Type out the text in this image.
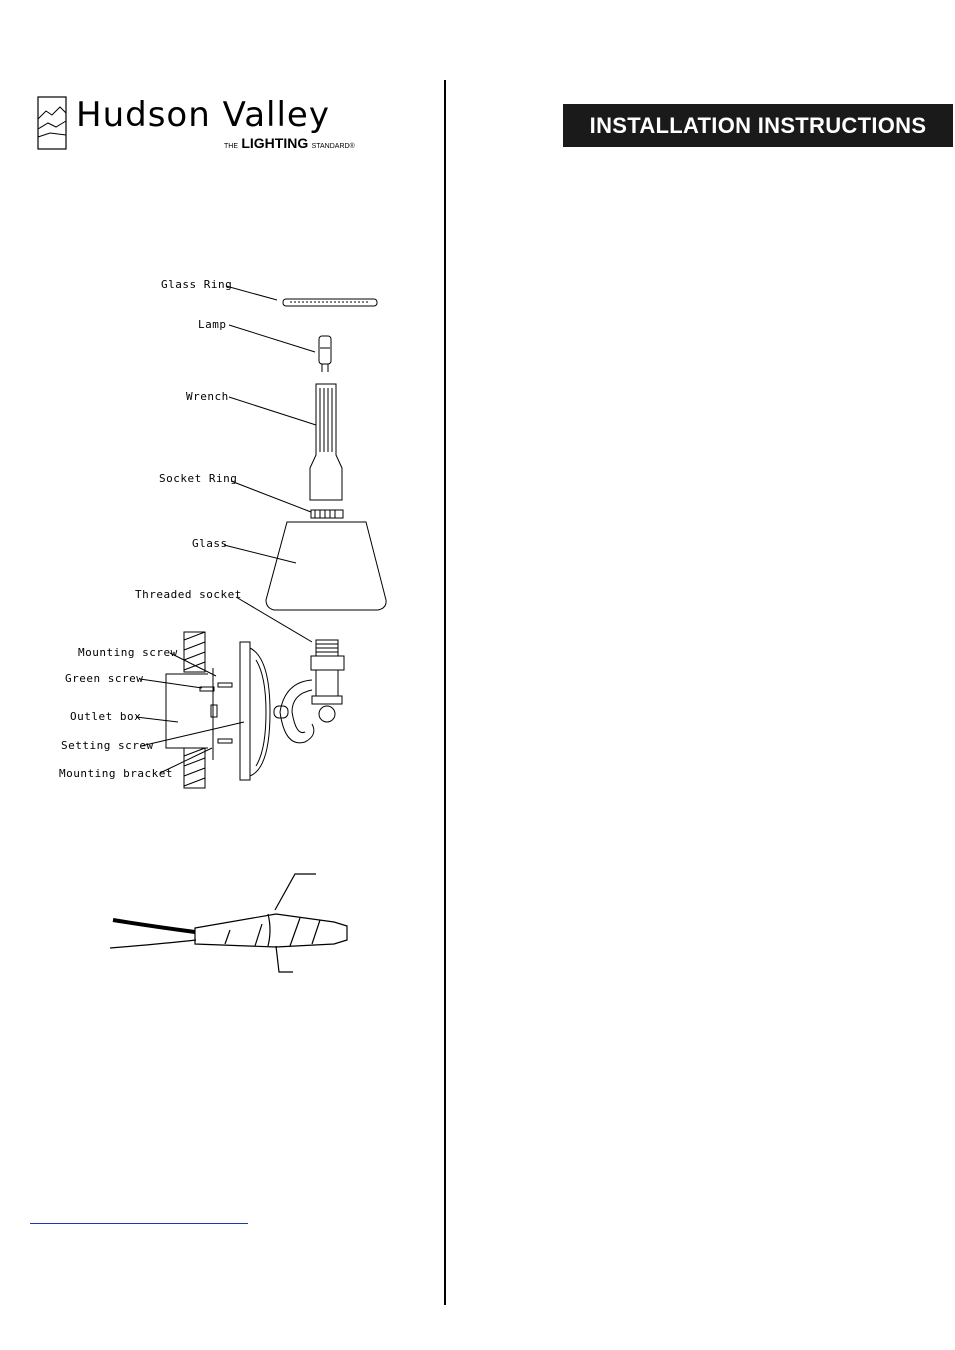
Hudson Valley
THE LIGHTING STANDARD®
INSTALLATION INSTRUCTIONS
Glass Ring
Lamp
Wrench
Socket Ring
Glass
Threaded socket
Mounting screw
Green screw
Outlet box
Setting screw
Mounting bracket
